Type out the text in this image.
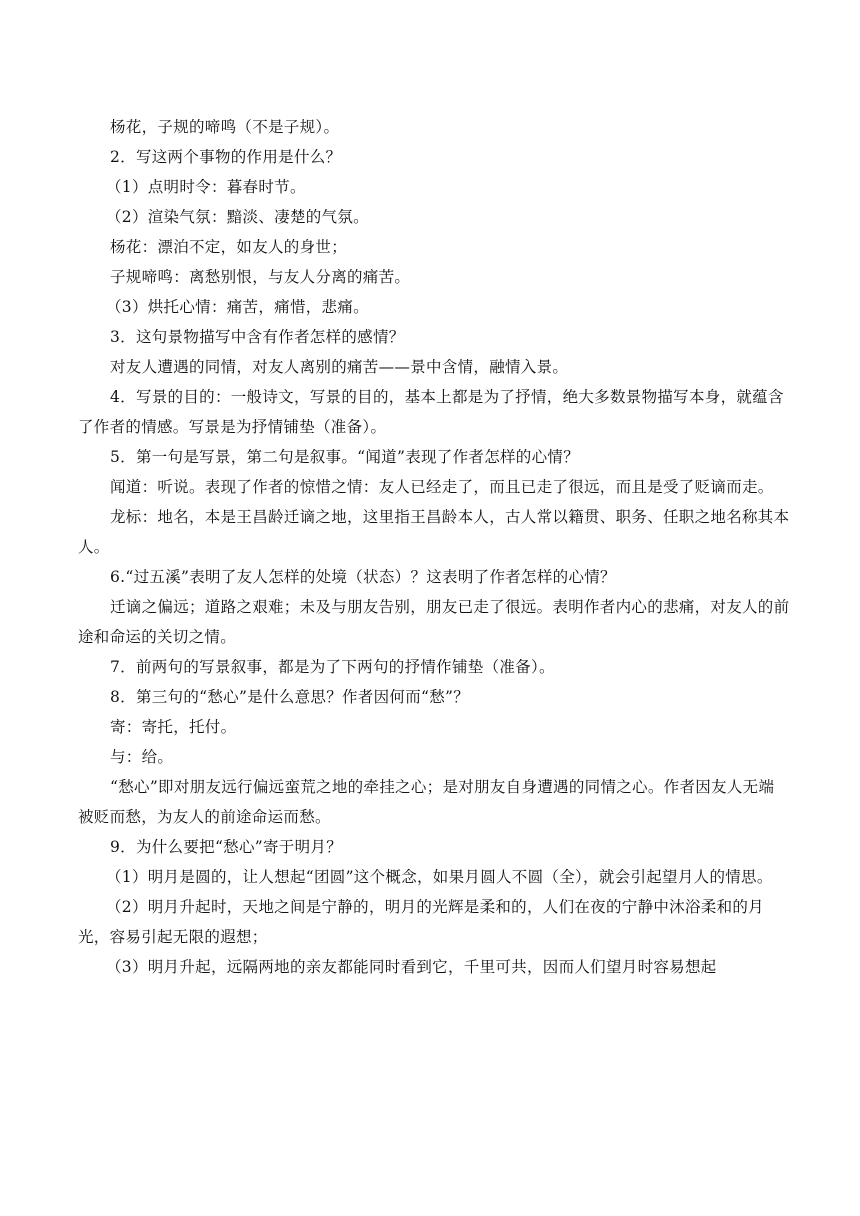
杨花，子规的啼鸣（不是子规）。

2．写这两个事物的作用是什么？

（1）点明时令：暮春时节。

（2）渲染气氛：黯淡、凄楚的气氛。

杨花：漂泊不定，如友人的身世；

子规啼鸣：离愁别恨，与友人分离的痛苦。

（3）烘托心情：痛苦，痛惜，悲痛。

3．这句景物描写中含有作者怎样的感情？

对友人遭遇的同情，对友人离别的痛苦——景中含情，融情入景。

4．写景的目的：一般诗文，写景的目的，基本上都是为了抒情，绝大多数景物描写本身，就蕴含了作者的情感。写景是为抒情铺垫（准备）。

5．第一句是写景，第二句是叙事。“闻道”表现了作者怎样的心情？

闻道：听说。表现了作者的惊惜之情：友人已经走了，而且已走了很远，而且是受了贬谪而走。

龙标：地名，本是王昌龄迁谪之地，这里指王昌龄本人，古人常以籍贯、职务、任职之地名称其本人。

6.“过五溪”表明了友人怎样的处境（状态）？这表明了作者怎样的心情？

迁谪之偏远；道路之艰难；未及与朋友告别，朋友已走了很远。表明作者内心的悲痛，对友人的前途和命运的关切之情。

7．前两句的写景叙事，都是为了下两句的抒情作铺垫（准备）。

8．第三句的“愁心”是什么意思？作者因何而“愁”？

寄：寄托，托付。

与：给。

“愁心”即对朋友远行偏远蛮荒之地的牵挂之心；是对朋友自身遭遇的同情之心。作者因友人无端被贬而愁，为友人的前途命运而愁。

9．为什么要把“愁心”寄于明月？

（1）明月是圆的，让人想起“团圆”这个概念，如果月圆人不圆（全），就会引起望月人的情思。

（2）明月升起时，天地之间是宁静的，明月的光辉是柔和的，人们在夜的宁静中沐浴柔和的月光，容易引起无限的遐想；

（3）明月升起，远隔两地的亲友都能同时看到它，千里可共，因而人们望月时容易想起
